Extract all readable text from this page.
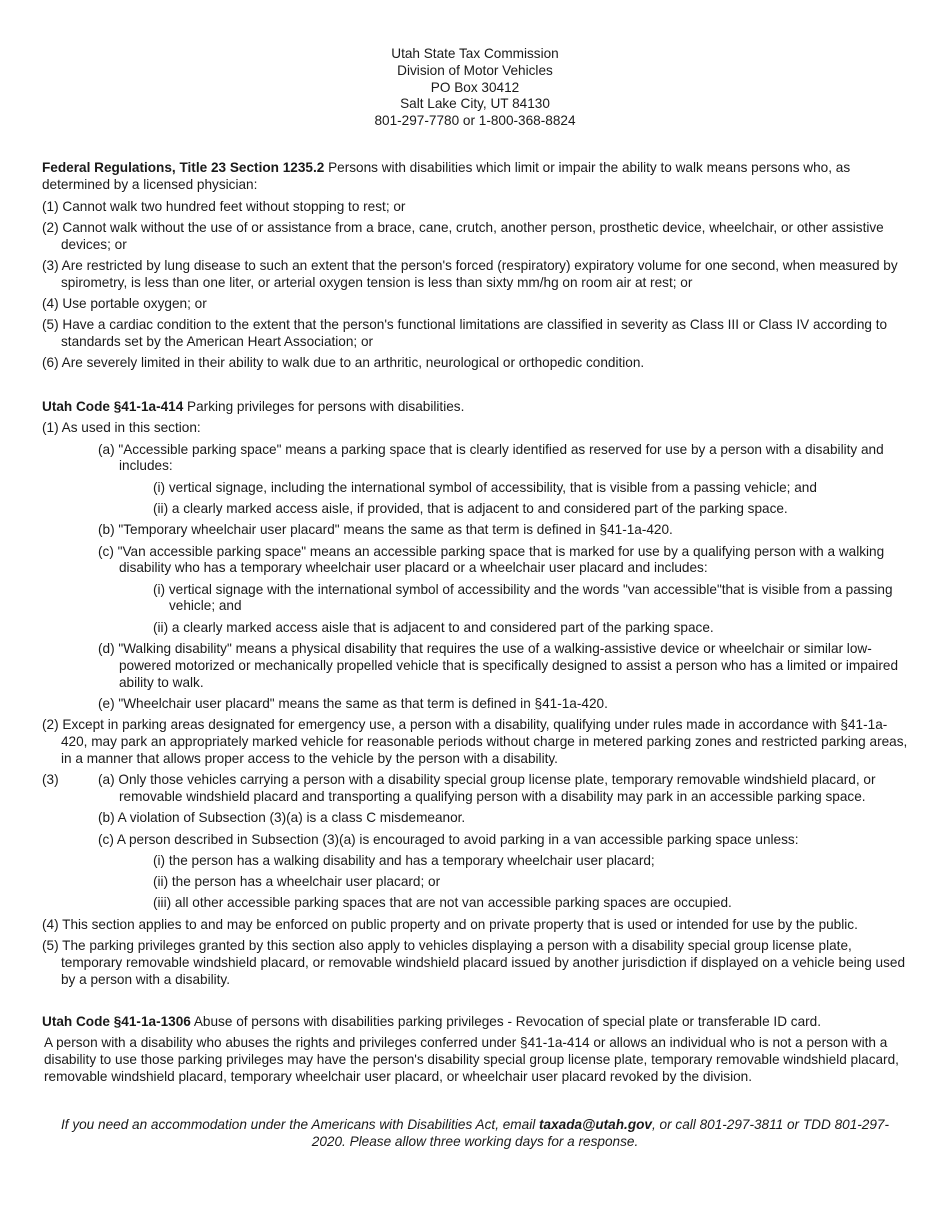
Utah State Tax Commission
Division of Motor Vehicles
PO Box 30412
Salt Lake City, UT 84130
801-297-7780 or 1-800-368-8824

Federal Regulations, Title 23 Section 1235.2 Persons with disabilities which limit or impair the ability to walk means persons who, as determined by a licensed physician:

(1) Cannot walk two hundred feet without stopping to rest; or
(2) Cannot walk without the use of or assistance from a brace, cane, crutch, another person, prosthetic device, wheelchair, or other assistive devices; or
(3) Are restricted by lung disease to such an extent that the person's forced (respiratory) expiratory volume for one second, when measured by spirometry, is less than one liter, or arterial oxygen tension is less than sixty mm/hg on room air at rest; or
(4) Use portable oxygen; or
(5) Have a cardiac condition to the extent that the person's functional limitations are classified in severity as Class III or Class IV according to standards set by the American Heart Association; or
(6) Are severely limited in their ability to walk due to an arthritic, neurological or orthopedic condition.

Utah Code §41-1a-414 Parking privileges for persons with disabilities.

(1) As used in this section:
(a) "Accessible parking space" means a parking space that is clearly identified as reserved for use by a person with a disability and includes:
(i) vertical signage, including the international symbol of accessibility, that is visible from a passing vehicle; and
(ii) a clearly marked access aisle, if provided, that is adjacent to and considered part of the parking space.
(b) "Temporary wheelchair user placard" means the same as that term is defined in §41-1a-420.
(c) "Van accessible parking space" means an accessible parking space that is marked for use by a qualifying person with a walking disability who has a temporary wheelchair user placard or a wheelchair user placard and includes:
(i) vertical signage with the international symbol of accessibility and the words "van accessible"that is visible from a passing vehicle; and
(ii) a clearly marked access aisle that is adjacent to and considered part of the parking space.
(d) "Walking disability" means a physical disability that requires the use of a walking-assistive device or wheelchair or similar low-powered motorized or mechanically propelled vehicle that is specifically designed to assist a person who has a limited or impaired ability to walk.
(e) "Wheelchair user placard" means the same as that term is defined in §41-1a-420.
(2) Except in parking areas designated for emergency use, a person with a disability, qualifying under rules made in accordance with §41-1a-420, may park an appropriately marked vehicle for reasonable periods without charge in metered parking zones and restricted parking areas, in a manner that allows proper access to the vehicle by the person with a disability.
(3)	(a) Only those vehicles carrying a person with a disability special group license plate, temporary removable windshield placard, or removable windshield placard and transporting a qualifying person with a disability may park in an accessible parking space.
(b) A violation of Subsection (3)(a) is a class C misdemeanor.
(c) A person described in Subsection (3)(a) is encouraged to avoid parking in a van accessible parking space unless:
(i) the person has a walking disability and has a temporary wheelchair user placard;
(ii) the person has a wheelchair user placard; or
(iii) all other accessible parking spaces that are not van accessible parking spaces are occupied.
(4) This section applies to and may be enforced on public property and on private property that is used or intended for use by the public.
(5) The parking privileges granted by this section also apply to vehicles displaying a person with a disability special group license plate, temporary removable windshield placard, or removable windshield placard issued by another jurisdiction if displayed on a vehicle being used by a person with a disability.

Utah Code §41-1a-1306 Abuse of persons with disabilities parking privileges - Revocation of special plate or transferable ID card.

A person with a disability who abuses the rights and privileges conferred under §41-1a-414 or allows an individual who is not a person with a disability to use those parking privileges may have the person's disability special group license plate, temporary removable windshield placard, removable windshield placard, temporary wheelchair user placard, or wheelchair user placard revoked by the division.

If you need an accommodation under the Americans with Disabilities Act, email taxada@utah.gov, or call 801-297-3811 or TDD 801-297-2020. Please allow three working days for a response.
